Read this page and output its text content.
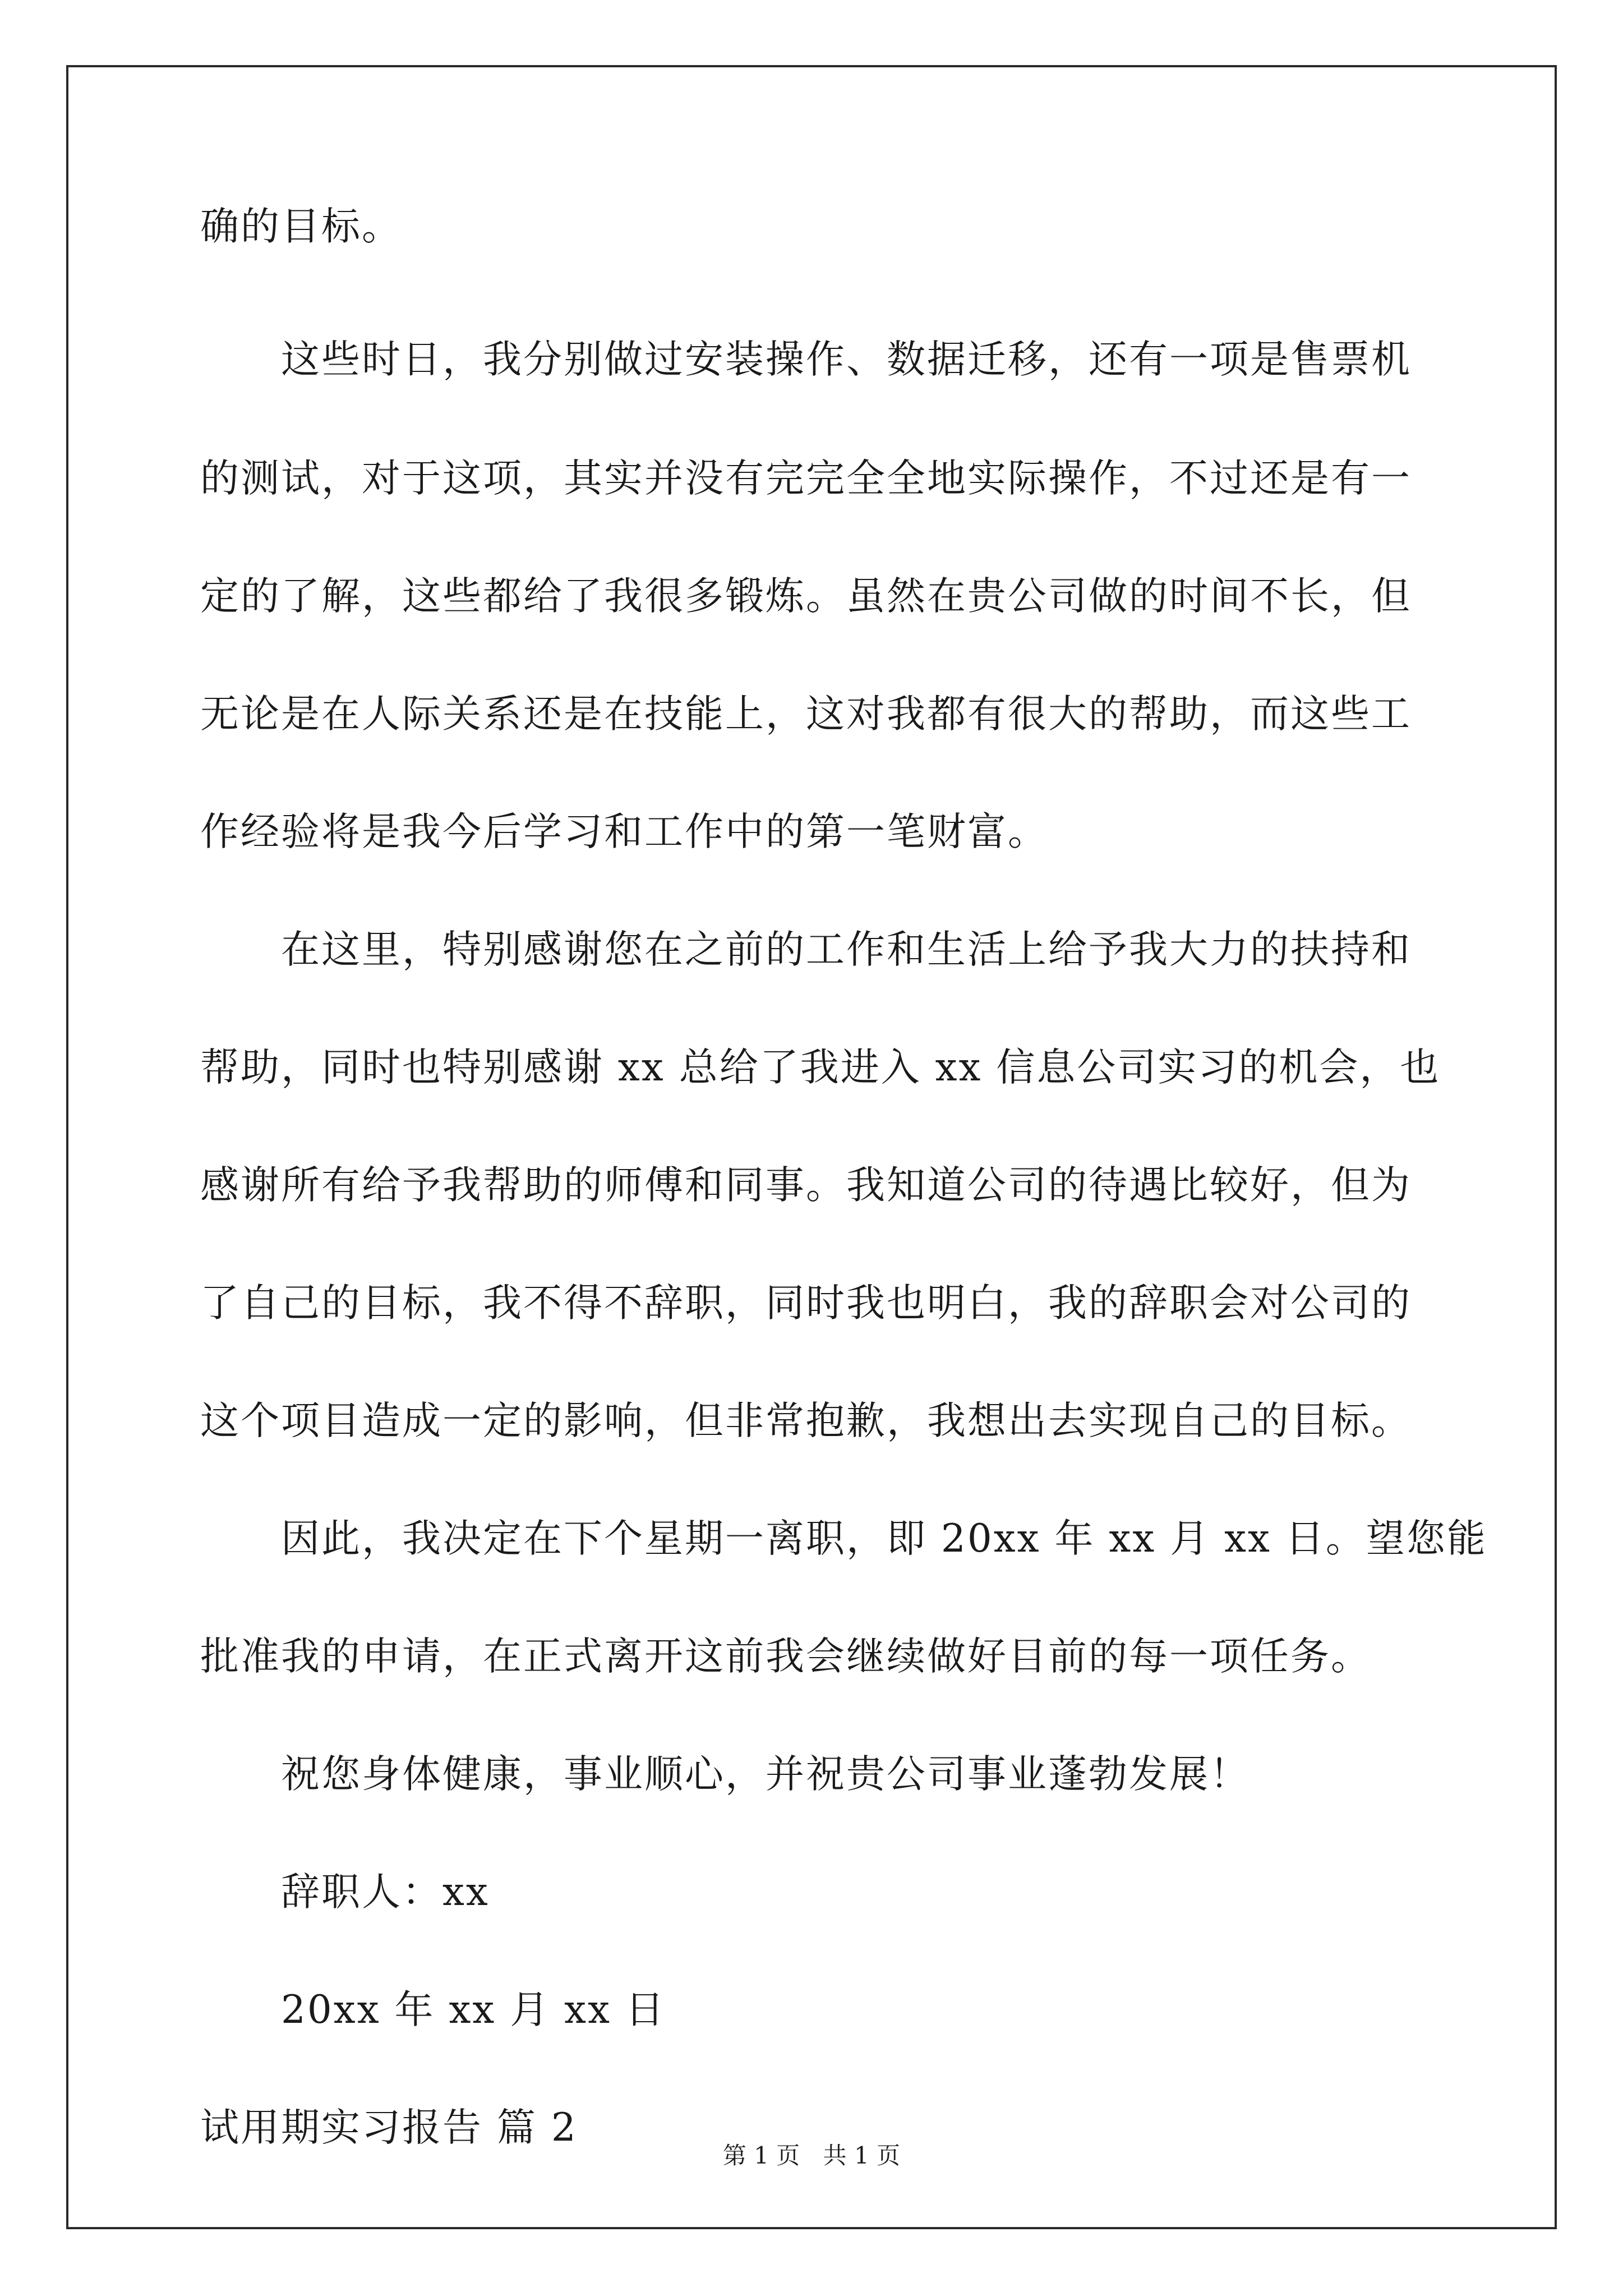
确的目标。
这些时日，我分别做过安装操作、数据迁移，还有一项是售票机
的测试，对于这项，其实并没有完完全全地实际操作，不过还是有一
定的了解，这些都给了我很多锻炼。虽然在贵公司做的时间不长，但
无论是在人际关系还是在技能上，这对我都有很大的帮助，而这些工
作经验将是我今后学习和工作中的第一笔财富。
在这里，特别感谢您在之前的工作和生活上给予我大力的扶持和
帮助，同时也特别感谢 xx 总给了我进入 xx 信息公司实习的机会，也
感谢所有给予我帮助的师傅和同事。我知道公司的待遇比较好，但为
了自己的目标，我不得不辞职，同时我也明白，我的辞职会对公司的
这个项目造成一定的影响，但非常抱歉，我想出去实现自己的目标。
因此，我决定在下个星期一离职，即 20xx 年 xx 月 xx 日。望您能
批准我的申请，在正式离开这前我会继续做好目前的每一项任务。
祝您身体健康，事业顺心，并祝贵公司事业蓬勃发展！
辞职人：xx
20xx 年 xx 月 xx 日
试用期实习报告 篇 2
第 1 页 共 1 页
